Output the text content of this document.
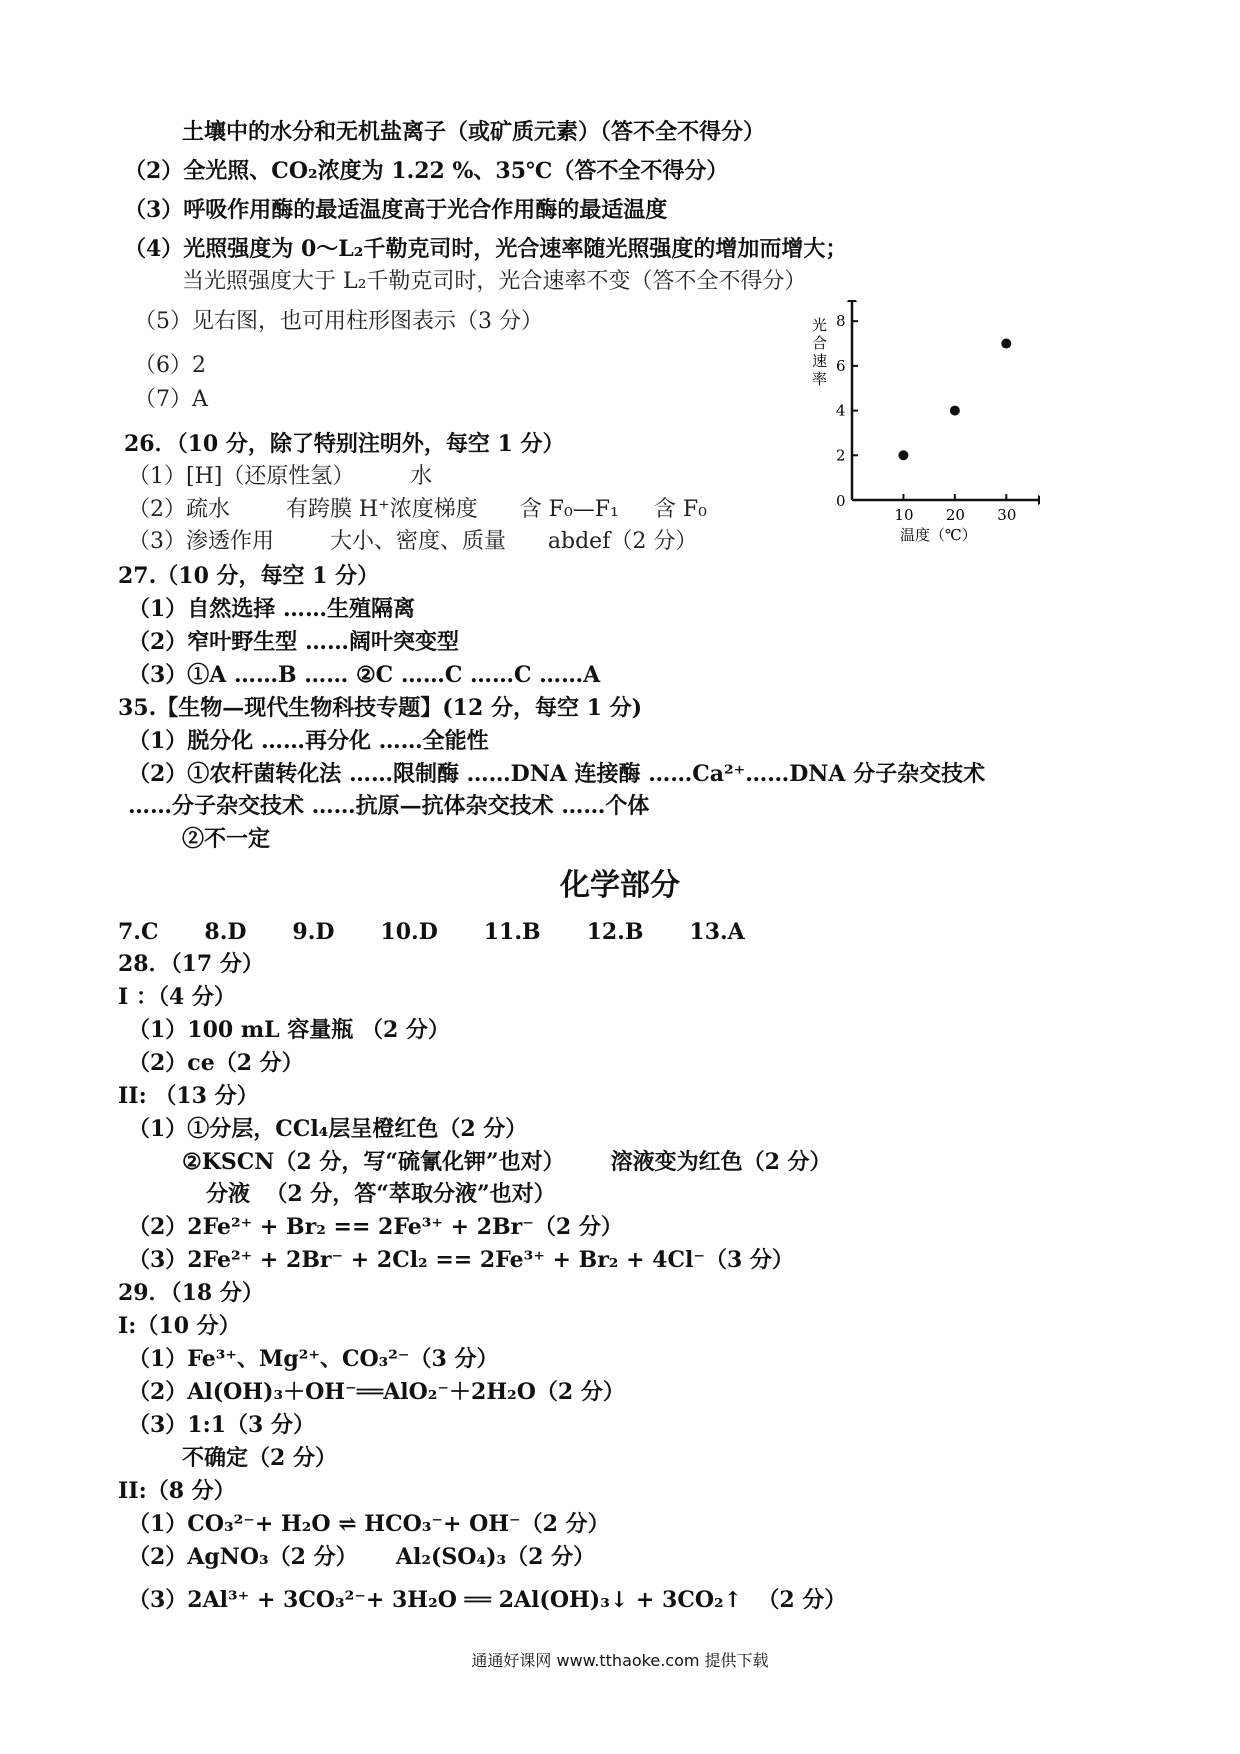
土壤中的水分和无机盐离子（或矿质元素）（答不全不得分）
（2）全光照、CO₂浓度为 1.22 %、35℃（答不全不得分）
（3）呼吸作用酶的最适温度高于光合作用酶的最适温度
（4）光照强度为 0～L₂千勒克司时，光合速率随光照强度的增加而增大；
当光照强度大于 L₂千勒克司时，光合速率不变（答不全不得分）
（5）见右图，也可用柱形图表示（3 分）
（6）2
（7）A
26．（10 分，除了特别注明外，每空 1 分）
（1）[H]（还原性氢）        水
（2）疏水        有跨膜 H⁺浓度梯度      含 F₀—F₁     含 F₀
（3）渗透作用        大小、密度、质量      abdef（2 分）
27.（10 分，每空 1 分）
（1）自然选择 ……生殖隔离
（2）窄叶野生型 ……阔叶突变型
（3）①A ……B …… ②C ……C ……C ……A
35.【生物—现代生物科技专题】(12 分，每空 1 分)
（1）脱分化 ……再分化 ……全能性
（2）①农杆菌转化法 ……限制酶 ……DNA 连接酶 ……Ca²⁺……DNA 分子杂交技术
……分子杂交技术 ……抗原—抗体杂交技术 ……个体
②不一定
化学部分
7.C      8.D      9.D      10.D      11.B      12.B      13.A
28．（17 分）
I ：（4 分）
（1）100 mL 容量瓶 （2 分）
（2）ce（2 分）
II: （13 分）
（1）①分层，CCl₄层呈橙红色（2 分）
②KSCN（2 分，写“硫氰化钾”也对）      溶液变为红色（2 分）
分液  （2 分，答“萃取分液”也对）
（2）2Fe²⁺ + Br₂ == 2Fe³⁺ + 2Br⁻（2 分）
（3）2Fe²⁺ + 2Br⁻ + 2Cl₂ == 2Fe³⁺ + Br₂ + 4Cl⁻（3 分）
29．（18 分）
I:（10 分）
（1）Fe³⁺、Mg²⁺、CO₃²⁻（3 分）
（2）Al(OH)₃＋OH⁻══AlO₂⁻＋2H₂O（2 分）
（3）1:1（3 分）
不确定（2 分）
II:（8 分）
（1）CO₃²⁻+ H₂O ⇌ HCO₃⁻+ OH⁻（2 分）
（2）AgNO₃（2 分）     Al₂(SO₄)₃（2 分）
（3）2Al³⁺ + 3CO₃²⁻+ 3H₂O ══ 2Al(OH)₃↓ + 3CO₂↑  （2 分）
0
2
4
6
8
10 20 30
温度（℃）
光合速率
通通好课网 www.tthaoke.com 提供下载
